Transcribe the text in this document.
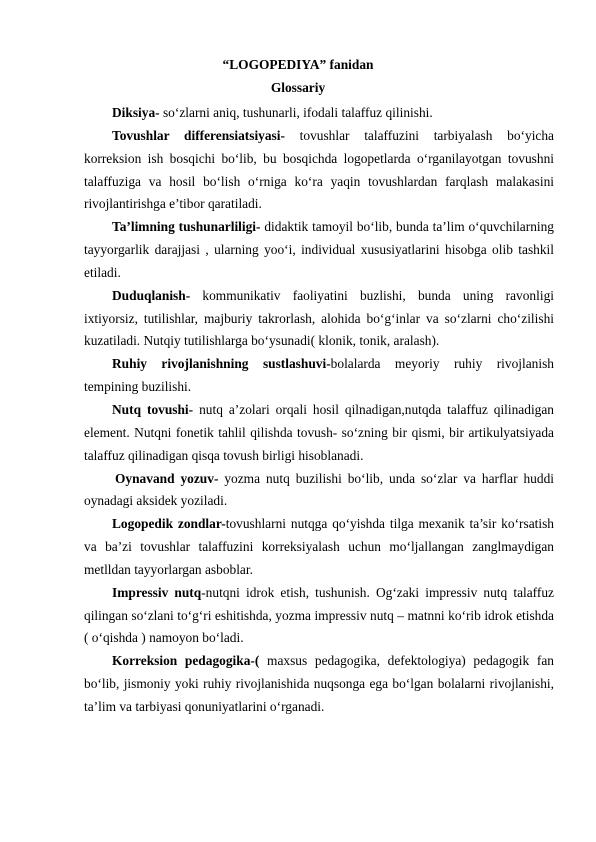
“LOGOPEDIYA” fanidan
Glossariy

Diksiya- so‘zlarni aniq, tushunarli, ifodali talaffuz qilinishi.

Tovushlar differensiatsiyasi- tovushlar talaffuzini tarbiyalash bo‘yicha korreksion ish bosqichi bo‘lib, bu bosqichda logopetlarda o‘rganilayotgan tovushni talaffuziga va hosil bo‘lish o‘rniga ko‘ra yaqin tovushlardan farqlash malakasini rivojlantirishga e’tibor qaratiladi.

Ta’limning tushunarliligi- didaktik tamoyil bo‘lib, bunda ta’lim o‘quvchilarning tayyorgarlik darajjasi , ularning yoo‘i, individual xususiyatlarini hisobga olib tashkil etiladi.

Duduqlanish- kommunikativ faoliyatini buzlishi, bunda uning ravonligi ixtiyorsiz, tutilishlar, majburiy takrorlash, alohida bo‘g‘inlar va so‘zlarni cho‘zilishi kuzatiladi. Nutqiy tutilishlarga bo‘ysunadi( klonik, tonik, aralash).

Ruhiy rivojlanishning sustlashuvi-bolalarda meyoriy ruhiy rivojlanish tempining buzilishi.

Nutq tovushi- nutq a’zolari orqali hosil qilnadigan,nutqda talaffuz qilinadigan element. Nutqni fonetik tahlil qilishda tovush- so‘zning bir qismi, bir artikulyatsiyada talaffuz qilinadigan qisqa tovush birligi hisoblanadi.

Oynavand yozuv- yozma nutq buzilishi bo‘lib, unda so‘zlar va harflar huddi oynadagi aksidek yoziladi.

Logopedik zondlar-tovushlarni nutqga qo‘yishda tilga mexanik ta’sir ko‘rsatish va ba’zi tovushlar talaffuzini korreksiyalash uchun mo‘ljallangan zanglmaydigan metlldan tayyorlargan asboblar.

Impressiv nutq-nutqni idrok etish, tushunish. Og‘zaki impressiv nutq talaffuz qilingan so‘zlani to‘g‘ri eshitishda, yozma impressiv nutq – matnni ko‘rib idrok etishda ( o‘qishda ) namoyon bo‘ladi.

Korreksion pedagogika-( maxsus pedagogika, defektologiya) pedagogik fan bo‘lib, jismoniy yoki ruhiy rivojlanishida nuqsonga ega bo‘lgan bolalarni rivojlanishi, ta’lim va tarbiyasi qonuniyatlarini o‘rganadi.
